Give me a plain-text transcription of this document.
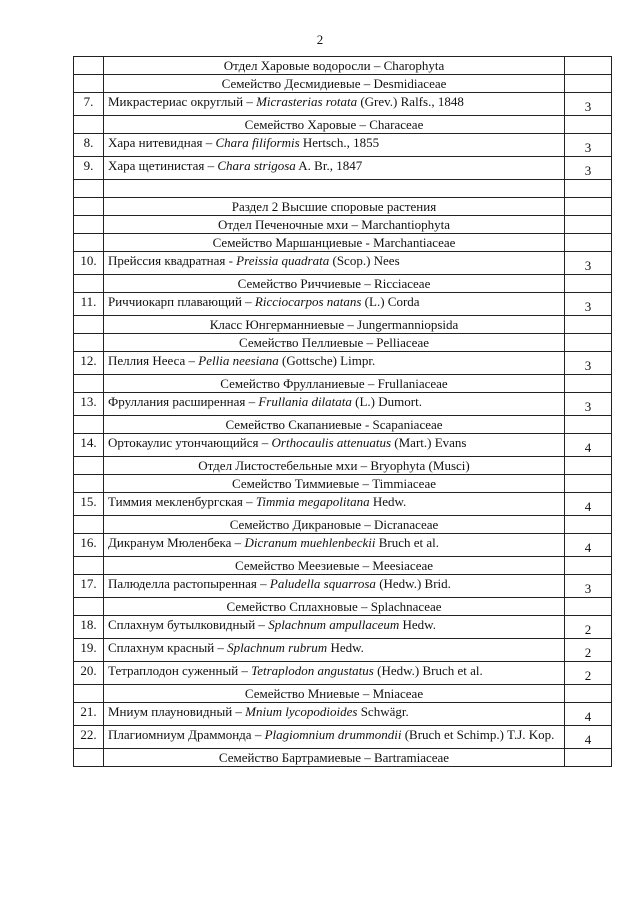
2
	Отдел Харовые водоросли – Charophyta	
	Семейство Десмидиевые – Desmidiaceae	
7.	Микрастериас округлый – Micrasterias rotata (Grev.) Ralfs., 1848	3
	Семейство Харовые – Characeae	
8.	Хара нитевидная – Chara filiformis Hertsch., 1855	3
9.	Хара щетинистая – Chara strigosa A. Br., 1847	3

	Раздел 2 Высшие споровые растения	
	Отдел Печеночные мхи – Marchantiophyta	
	Семейство Маршанциевые - Marchantiaceae	
10.	Прейссия квадратная - Preissia quadrata (Scop.) Nees	3
	Семейство Риччиевые – Ricciaceae	
11.	Риччиокарп плавающий – Ricciocarpos natans (L.) Corda	3
	Класс Юнгерманниевые – Jungermanniopsida	
	Семейство Пеллиевые – Pelliaceae	
12.	Пеллия Нееса – Pellia neesiana (Gottsche) Limpr.	3
	Семейство Фрулланиевые – Frullaniaceae	
13.	Фруллания расширенная – Frullania dilatata (L.) Dumort.	3
	Семейство Скапаниевые - Scapaniaceae	
14.	Ортокаулис утончающийся – Orthocaulis attenuatus (Mart.) Evans	4
	Отдел Листостебельные мхи – Bryophyta (Musci)	
	Семейство Тиммиевые – Timmiaceae	
15.	Тиммия мекленбургская – Timmia megapolitana Hedw.	4
	Семейство Дикрановые – Dicranaceae	
16.	Дикранум Мюленбека – Dicranum muehlenbeckii Bruch et al.	4
	Семейство Меезиевые – Meesiaceae	
17.	Палюделла растопыренная – Paludella squarrosa (Hedw.) Brid.	3
	Семейство Сплахновые – Splachnaceae	
18.	Сплахнум бутылковидный – Splachnum ampullaceum Hedw.	2
19.	Сплахнум красный – Splachnum rubrum Hedw.	2
20.	Тетраплодон суженный – Tetraplodon angustatus (Hedw.) Bruch et al.	2
	Семейство Мниевые – Mniaceae	
21.	Мниум плауновидный – Mnium lycopodioides Schwägr.	4
22.	Плагиомниум Драммонда – Plagiomnium drummondii (Bruch et Schimp.) T.J. Kop.	4
	Семейство Бартрамиевые – Bartramiaceae	
